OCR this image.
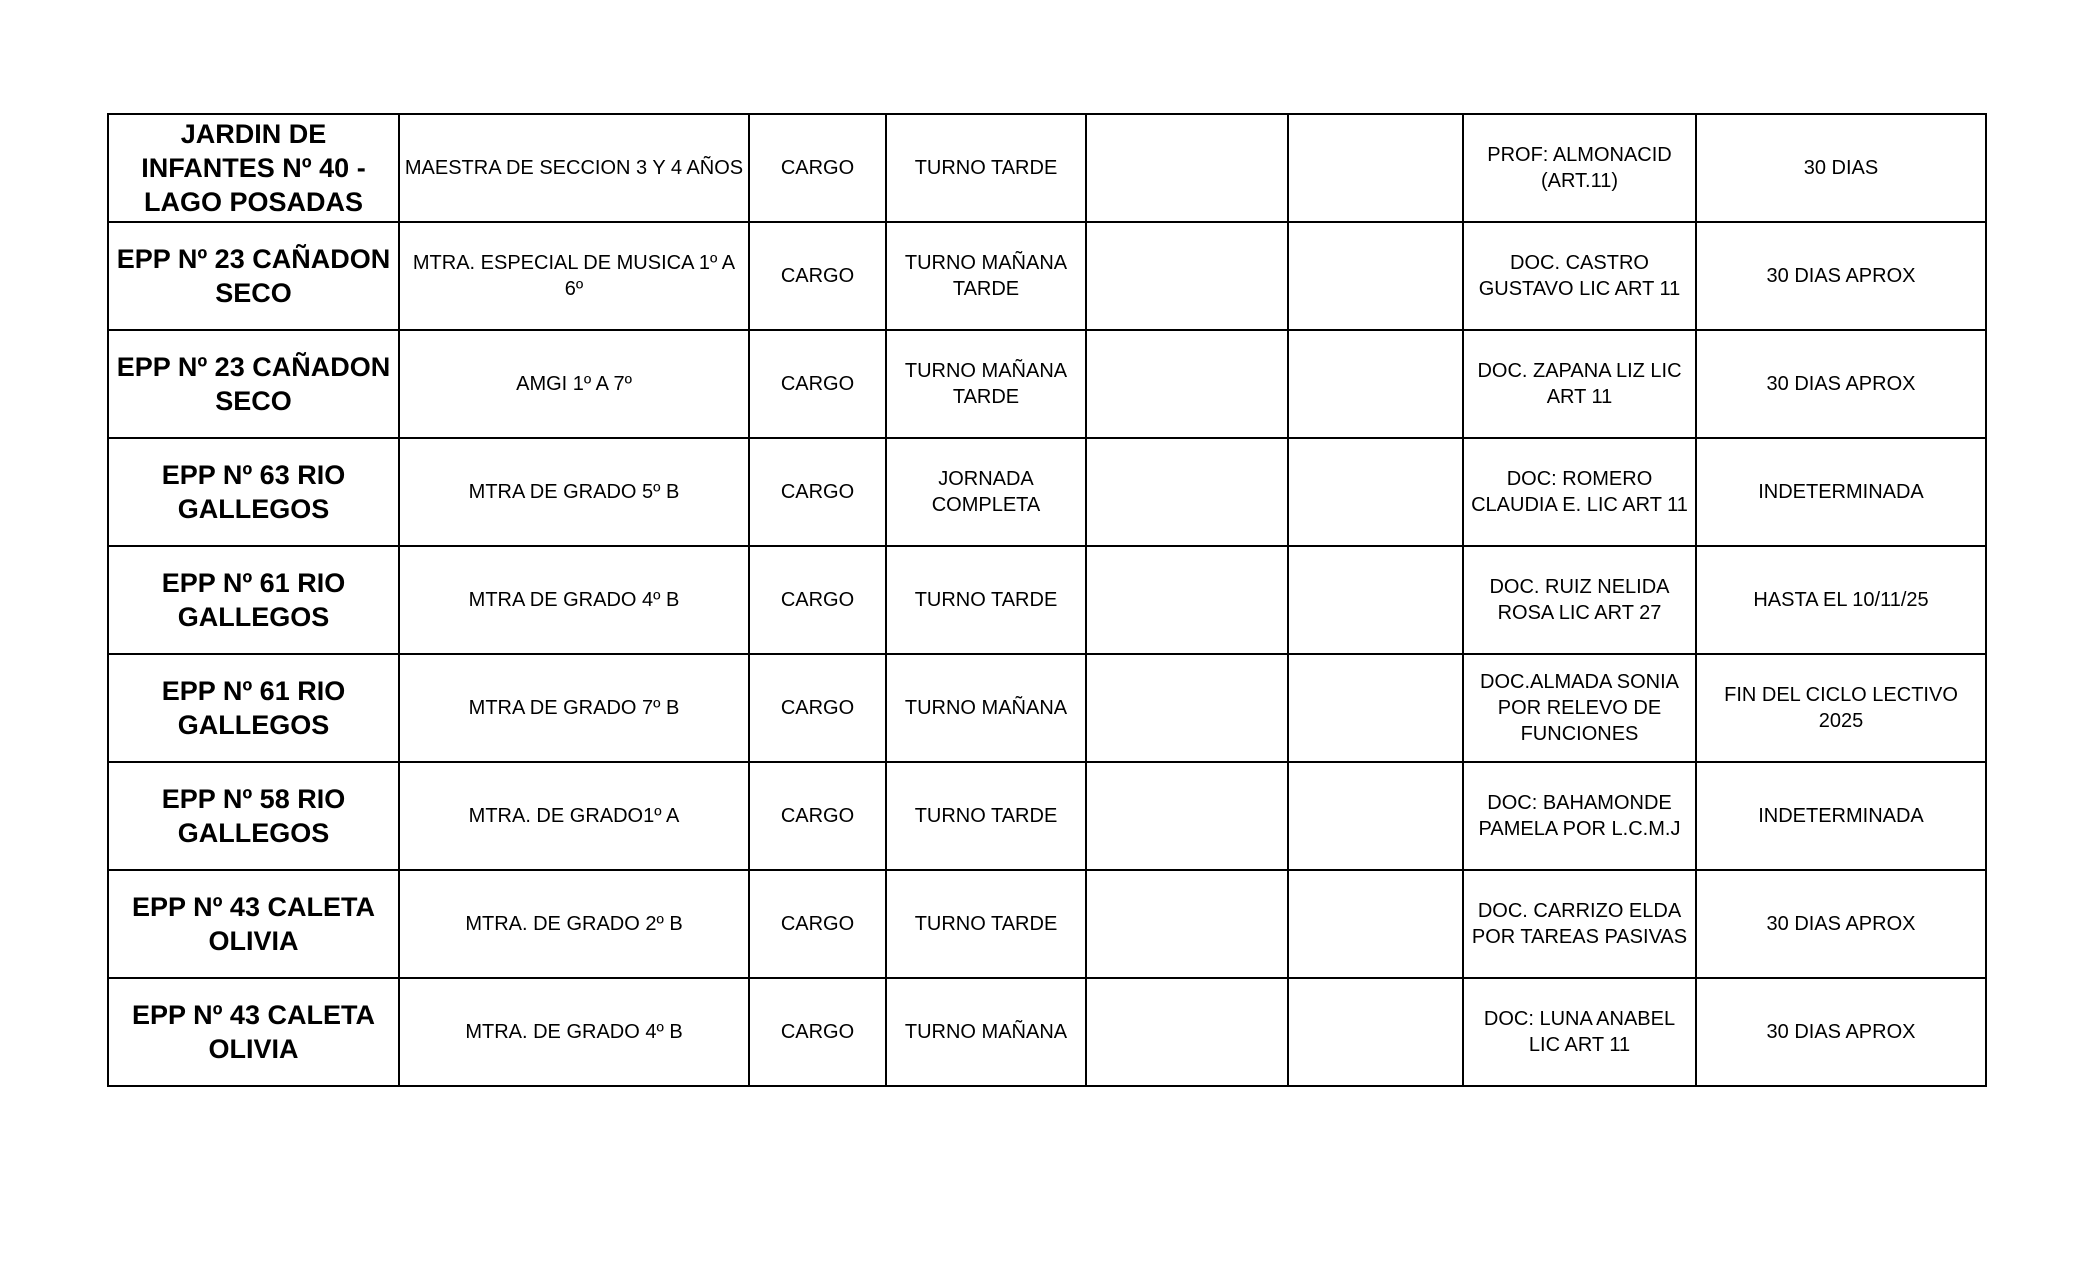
JARDIN DE INFANTES Nº 40 - LAGO POSADAS	MAESTRA DE SECCION 3 Y 4 AÑOS	CARGO	TURNO TARDE			PROF: ALMONACID (ART.11)	30 DIAS
EPP Nº 23 CAÑADON SECO	MTRA. ESPECIAL DE MUSICA 1º A 6º	CARGO	TURNO MAÑANA TARDE			DOC. CASTRO GUSTAVO LIC ART 11	30 DIAS APROX
EPP Nº 23 CAÑADON SECO	AMGI 1º A 7º	CARGO	TURNO MAÑANA TARDE			DOC. ZAPANA LIZ LIC ART 11	30 DIAS APROX
EPP Nº 63 RIO GALLEGOS	MTRA DE GRADO 5º B	CARGO	JORNADA COMPLETA			DOC: ROMERO CLAUDIA E. LIC ART 11	INDETERMINADA
EPP Nº 61 RIO GALLEGOS	MTRA DE GRADO 4º B	CARGO	TURNO TARDE			DOC. RUIZ NELIDA ROSA LIC ART 27	HASTA EL 10/11/25
EPP Nº 61 RIO GALLEGOS	MTRA DE GRADO 7º B	CARGO	TURNO MAÑANA			DOC.ALMADA SONIA POR RELEVO DE FUNCIONES	FIN DEL CICLO LECTIVO 2025
EPP Nº 58 RIO GALLEGOS	MTRA. DE GRADO1º A	CARGO	TURNO TARDE			DOC: BAHAMONDE PAMELA POR L.C.M.J	INDETERMINADA
EPP Nº 43 CALETA OLIVIA	MTRA. DE GRADO 2º B	CARGO	TURNO TARDE			DOC. CARRIZO ELDA POR TAREAS PASIVAS	30 DIAS APROX
EPP Nº 43 CALETA OLIVIA	MTRA. DE GRADO 4º B	CARGO	TURNO MAÑANA			DOC: LUNA ANABEL LIC ART 11	30 DIAS APROX
